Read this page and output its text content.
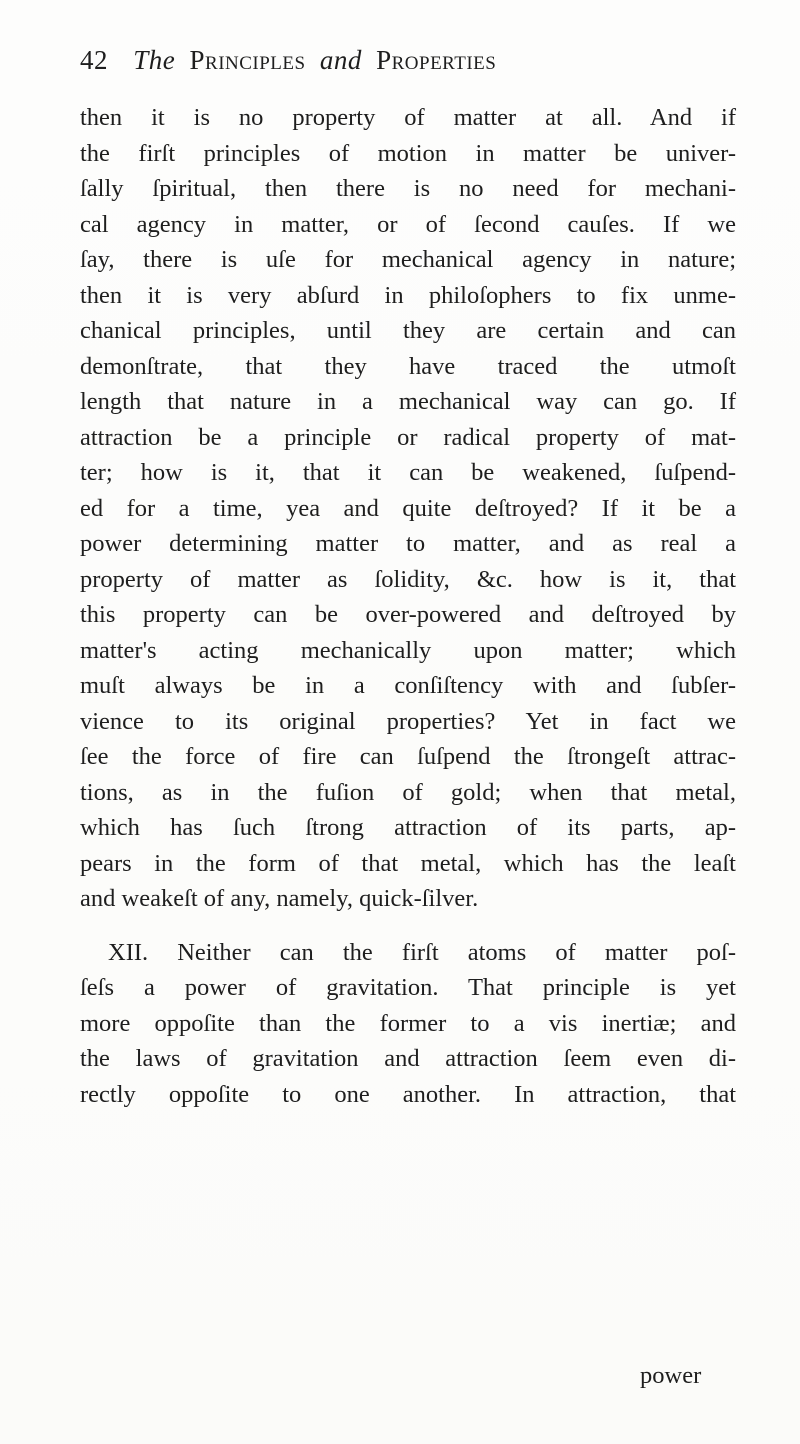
42 The Principles and Properties
then it is no property of matter at all. And if
the firſt principles of motion in matter be univer-
ſally ſpiritual, then there is no need for mechani-
cal agency in matter, or of ſecond cauſes. If we
ſay, there is uſe for mechanical agency in nature;
then it is very abſurd in philoſophers to fix unme-
chanical principles, until they are certain and can
demonſtrate, that they have traced the utmoſt
length that nature in a mechanical way can go. If
attraction be a principle or radical property of mat-
ter; how is it, that it can be weakened, ſuſpend-
ed for a time, yea and quite deſtroyed? If it be a
power determining matter to matter, and as real a
property of matter as ſolidity, &c. how is it, that
this property can be over-powered and deſtroyed by
matter's acting mechanically upon matter; which
muſt always be in a conſiſtency with and ſubſer-
vience to its original properties? Yet in fact we
ſee the force of fire can ſuſpend the ſtrongeſt attrac-
tions, as in the fuſion of gold; when that metal,
which has ſuch ſtrong attraction of its parts, ap-
pears in the form of that metal, which has the leaſt
and weakeſt of any, namely, quick-ſilver.
XII. Neither can the firſt atoms of matter poſ-
ſeſs a power of gravitation. That principle is yet
more oppoſite than the former to a vis inertiæ; and
the laws of gravitation and attraction ſeem even di-
rectly oppoſite to one another. In attraction, that
power
